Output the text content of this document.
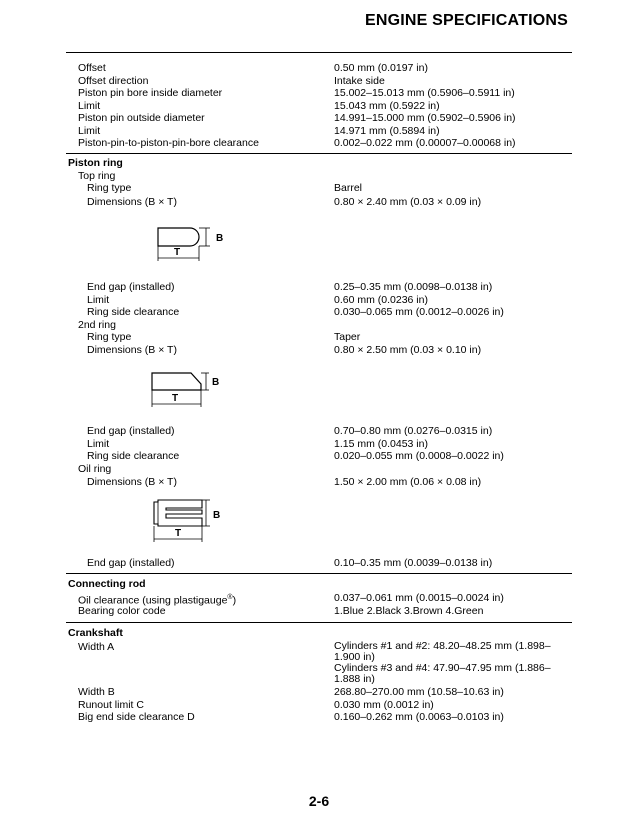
ENGINE SPECIFICATIONS
Offset	0.50 mm (0.0197 in)
Offset direction	Intake side
Piston pin bore inside diameter	15.002–15.013 mm (0.5906–0.5911 in)
Limit	15.043 mm (0.5922 in)
Piston pin outside diameter	14.991–15.000 mm (0.5902–0.5906 in)
Limit	14.971 mm (0.5894 in)
Piston-pin-to-piston-pin-bore clearance	0.002–0.022 mm (0.00007–0.00068 in)
Piston ring
Top ring
Ring type	Barrel
Dimensions (B × T)	0.80 × 2.40 mm (0.03 × 0.09 in)
B
T
End gap (installed)	0.25–0.35 mm (0.0098–0.0138 in)
Limit	0.60 mm (0.0236 in)
Ring side clearance	0.030–0.065 mm (0.0012–0.0026 in)
2nd ring
Ring type	Taper
Dimensions (B × T)	0.80 × 2.50 mm (0.03 × 0.10 in)
B
T
End gap (installed)	0.70–0.80 mm (0.0276–0.0315 in)
Limit	1.15 mm (0.0453 in)
Ring side clearance	0.020–0.055 mm (0.0008–0.0022 in)
Oil ring
Dimensions (B × T)	1.50 × 2.00 mm (0.06 × 0.08 in)
B
T
End gap (installed)	0.10–0.35 mm (0.0039–0.0138 in)
Connecting rod
Oil clearance (using plastigauge®)	0.037–0.061 mm (0.0015–0.0024 in)
Bearing color code	1.Blue 2.Black 3.Brown 4.Green
Crankshaft
Width A	Cylinders #1 and #2: 48.20–48.25 mm (1.898–1.900 in)
Cylinders #3 and #4: 47.90–47.95 mm (1.886–1.888 in)
Width B	268.80–270.00 mm (10.58–10.63 in)
Runout limit C	0.030 mm (0.0012 in)
Big end side clearance D	0.160–0.262 mm (0.0063–0.0103 in)
2-6
